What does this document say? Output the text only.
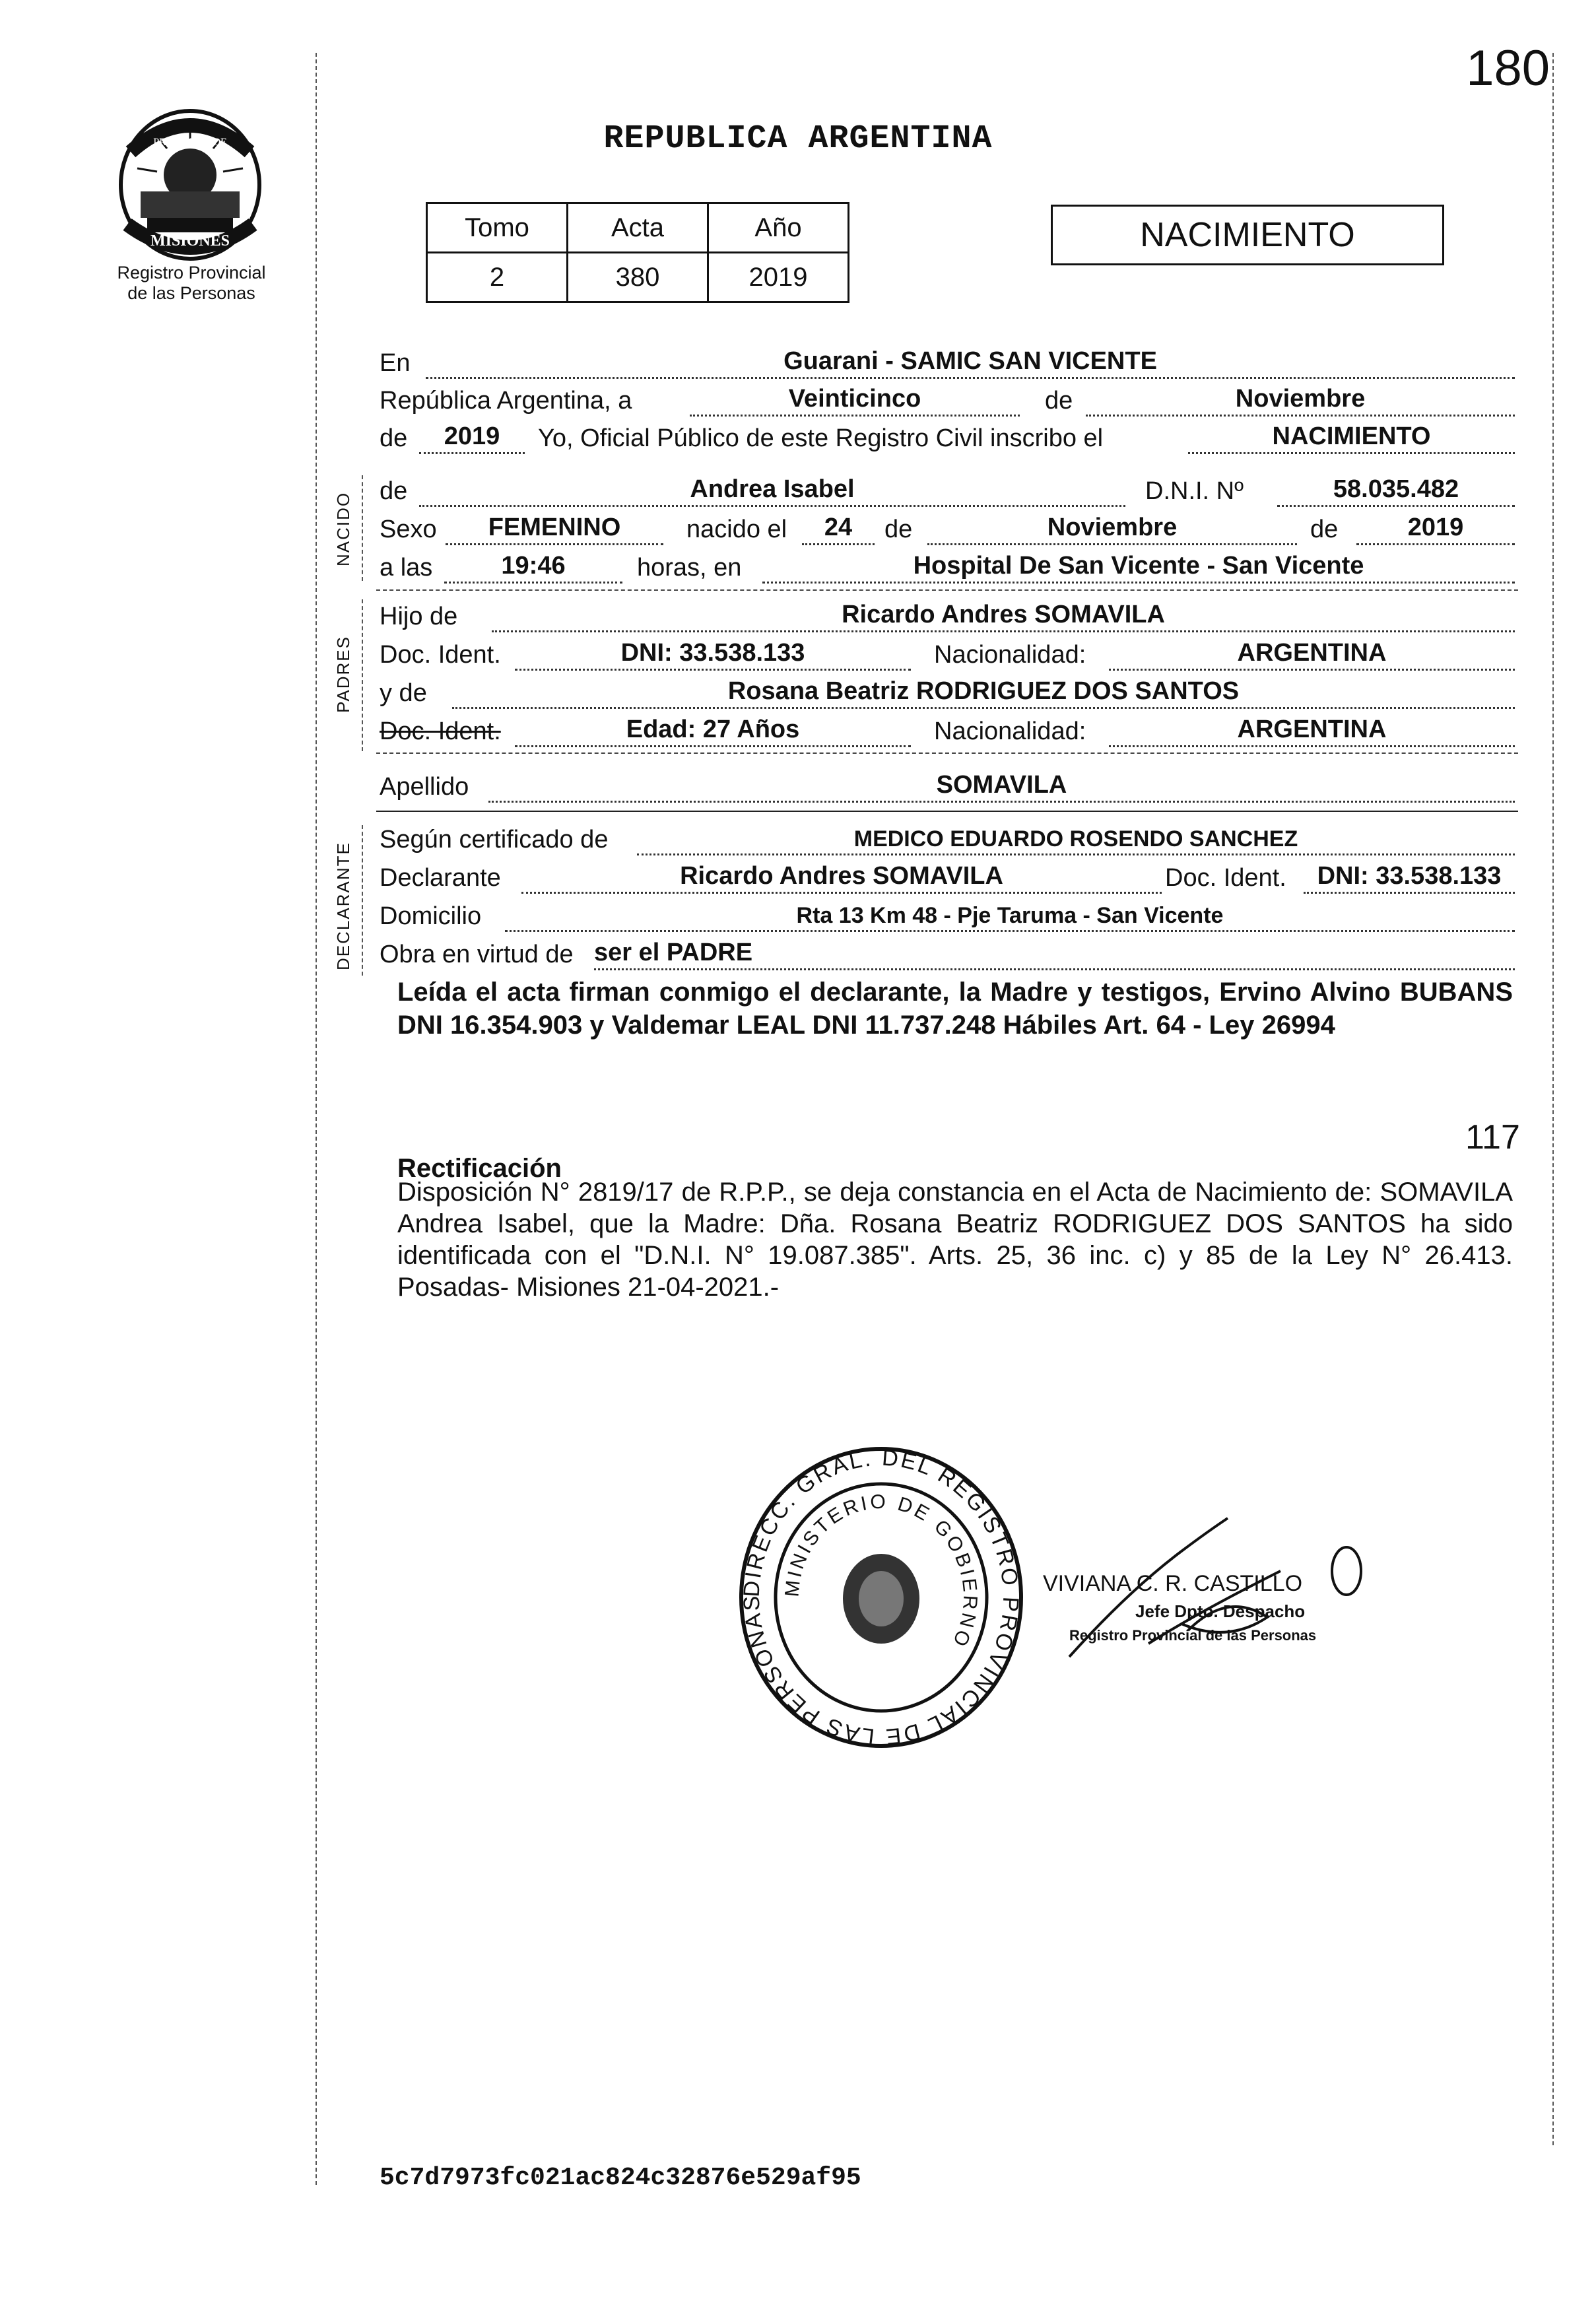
180
PROVINCIA DE
MISIONES
Registro Provincial
de las Personas
REPUBLICA ARGENTINA
Tomo	Acta	Año
2	380	2019
NACIMIENTO
En	Guarani - SAMIC SAN VICENTE
República Argentina, a	Veinticinco	de	Noviembre
de	2019	Yo, Oficial Público de este Registro Civil inscribo el	NACIMIENTO
NACIDO
de	Andrea Isabel	D.N.I. Nº	58.035.482
Sexo	FEMENINO	nacido el	24	de	Noviembre	de	2019
a las	19:46	horas, en	Hospital De San Vicente - San Vicente
PADRES
Hijo de	Ricardo Andres SOMAVILA
Doc. Ident.	DNI: 33.538.133	Nacionalidad:	ARGENTINA
y de	Rosana Beatriz RODRIGUEZ DOS SANTOS
Doc. Ident.	Edad: 27 Años	Nacionalidad:	ARGENTINA
Apellido	SOMAVILA
DECLARANTE
Según certificado de	MEDICO EDUARDO ROSENDO SANCHEZ
Declarante	Ricardo Andres SOMAVILA	Doc. Ident.	DNI: 33.538.133
Domicilio	Rta 13 Km 48 - Pje Taruma - San Vicente
Obra en virtud de ser el PADRE
Leída el acta firman conmigo el declarante, la Madre y testigos, Ervino Alvino BUBANS DNI 16.354.903 y Valdemar LEAL DNI 11.737.248 Hábiles Art. 64 - Ley 26994
117
Rectificación
Disposición N° 2819/17 de R.P.P., se deja constancia en el Acta de Nacimiento de: SOMAVILA Andrea Isabel, que la Madre: Dña. Rosana Beatriz RODRIGUEZ DOS SANTOS ha sido identificada con el "D.N.I. N° 19.087.385". Arts. 25, 36 inc. c) y 85 de la Ley N° 26.413. Posadas- Misiones 21-04-2021.-
DIRECC. GRAL. DEL REGISTRO PROVINCIAL DE LAS PERSONAS
MINISTERIO DE GOBIERNO
VIVIANA C. R. CASTILLO
Jefe Dpto. Despacho
Registro Provincial de las Personas
5c7d7973fc021ac824c32876e529af95
